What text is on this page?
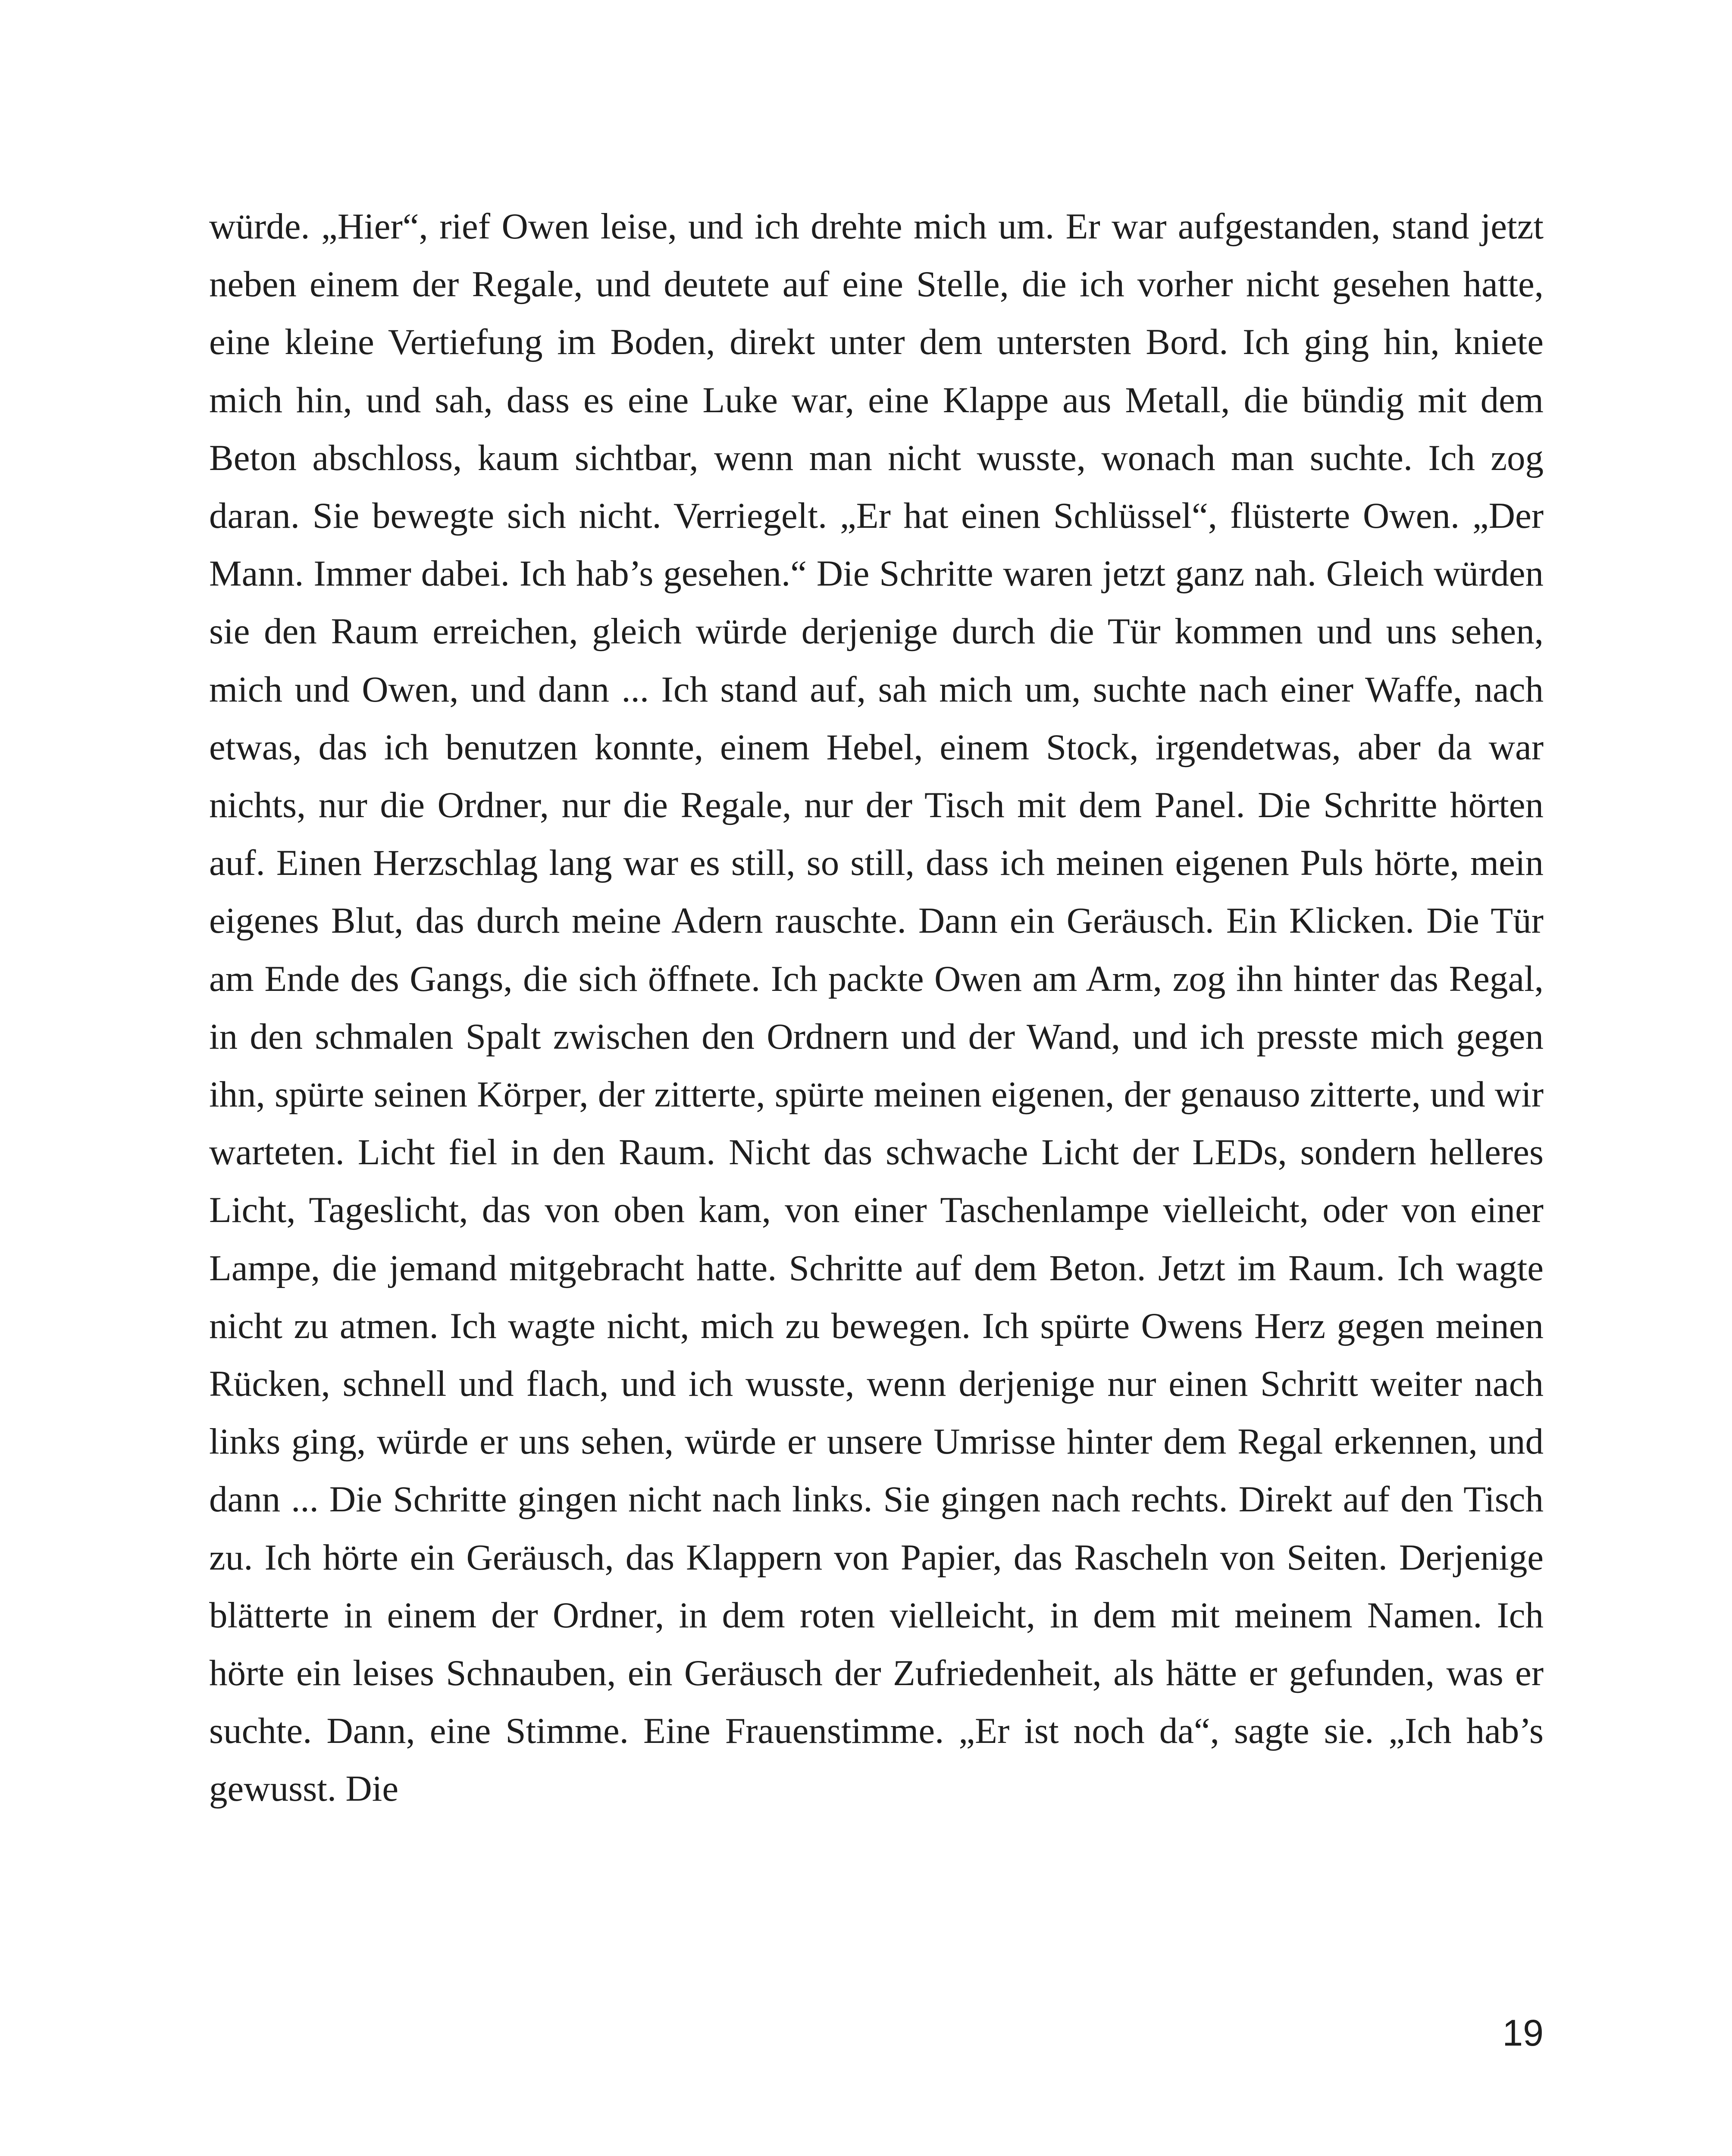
würde. „Hier“, rief Owen leise, und ich drehte mich um. Er war aufgestanden, stand jetzt neben einem der Regale, und deutete auf eine Stelle, die ich vorher nicht gesehen hatte, eine kleine Vertiefung im Boden, direkt unter dem untersten Bord. Ich ging hin, kniete mich hin, und sah, dass es eine Luke war, eine Klappe aus Metall, die bündig mit dem Beton abschloss, kaum sichtbar, wenn man nicht wusste, wonach man suchte. Ich zog daran. Sie bewegte sich nicht. Verriegelt. „Er hat einen Schlüssel“, flüsterte Owen. „Der Mann. Immer dabei. Ich hab’s gesehen.“ Die Schritte waren jetzt ganz nah. Gleich würden sie den Raum erreichen, gleich würde derjenige durch die Tür kommen und uns sehen, mich und Owen, und dann ... Ich stand auf, sah mich um, suchte nach einer Waffe, nach etwas, das ich benutzen konnte, einem Hebel, einem Stock, irgendetwas, aber da war nichts, nur die Ordner, nur die Regale, nur der Tisch mit dem Panel. Die Schritte hörten auf. Einen Herzschlag lang war es still, so still, dass ich meinen eigenen Puls hörte, mein eigenes Blut, das durch meine Adern rauschte. Dann ein Geräusch. Ein Klicken. Die Tür am Ende des Gangs, die sich öffnete. Ich packte Owen am Arm, zog ihn hinter das Regal, in den schmalen Spalt zwischen den Ordnern und der Wand, und ich presste mich gegen ihn, spürte seinen Körper, der zitterte, spürte meinen eigenen, der genauso zitterte, und wir warteten. Licht fiel in den Raum. Nicht das schwache Licht der LEDs, sondern helleres Licht, Tageslicht, das von oben kam, von einer Taschenlampe vielleicht, oder von einer Lampe, die jemand mitgebracht hatte. Schritte auf dem Beton. Jetzt im Raum. Ich wagte nicht zu atmen. Ich wagte nicht, mich zu bewegen. Ich spürte Owens Herz gegen meinen Rücken, schnell und flach, und ich wusste, wenn derjenige nur einen Schritt weiter nach links ging, würde er uns sehen, würde er unsere Umrisse hinter dem Regal erkennen, und dann ... Die Schritte gingen nicht nach links. Sie gingen nach rechts. Direkt auf den Tisch zu. Ich hörte ein Geräusch, das Klappern von Papier, das Rascheln von Seiten. Derjenige blätterte in einem der Ordner, in dem roten vielleicht, in dem mit meinem Namen. Ich hörte ein leises Schnauben, ein Geräusch der Zufriedenheit, als hätte er gefunden, was er suchte. Dann, eine Stimme. Eine Frauenstimme. „Er ist noch da“, sagte sie. „Ich hab’s gewusst. Die

19
